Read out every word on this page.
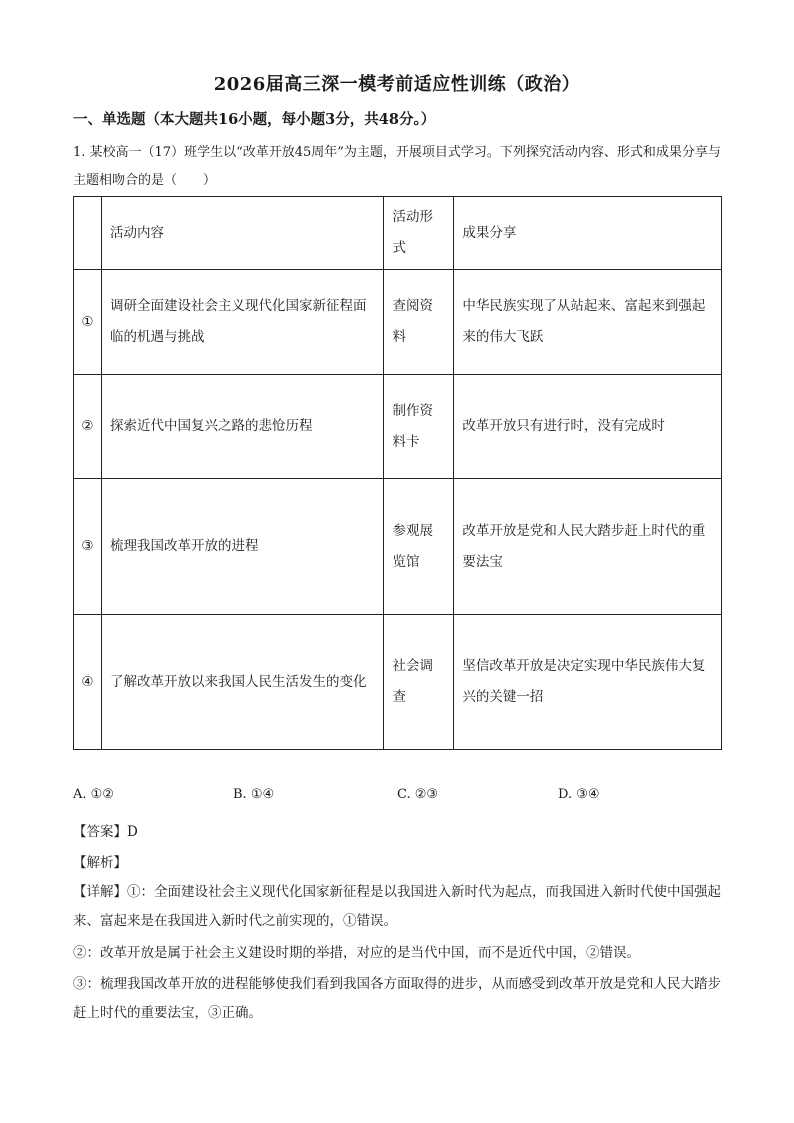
2026届高三深一模考前适应性训练（政治）
一、单选题（本大题共16小题，每小题3分，共48分。）
1. 某校高一（17）班学生以“改革开放45周年”为主题，开展项目式学习。下列探究活动内容、形式和成果分享与主题相吻合的是（　　）
	活动内容	活动形式	成果分享
①	调研全面建设社会主义现代化国家新征程面临的机遇与挑战	查阅资料	中华民族实现了从站起来、富起来到强起来的伟大飞跃
②	探索近代中国复兴之路的悲怆历程	制作资料卡	改革开放只有进行时，没有完成时
③	梳理我国改革开放的进程	参观展览馆	改革开放是党和人民大踏步赶上时代的重要法宝
④	了解改革开放以来我国人民生活发生的变化	社会调查	坚信改革开放是决定实现中华民族伟大复兴的关键一招
A. ①②	B. ①④	C. ②③	D. ③④
【答案】D
【解析】
【详解】①：全面建设社会主义现代化国家新征程是以我国进入新时代为起点，而我国进入新时代使中国强起来、富起来是在我国进入新时代之前实现的，①错误。
②：改革开放是属于社会主义建设时期的举措，对应的是当代中国，而不是近代中国，②错误。
③：梳理我国改革开放的进程能够使我们看到我国各方面取得的进步，从而感受到改革开放是党和人民大踏步赶上时代的重要法宝，③正确。
